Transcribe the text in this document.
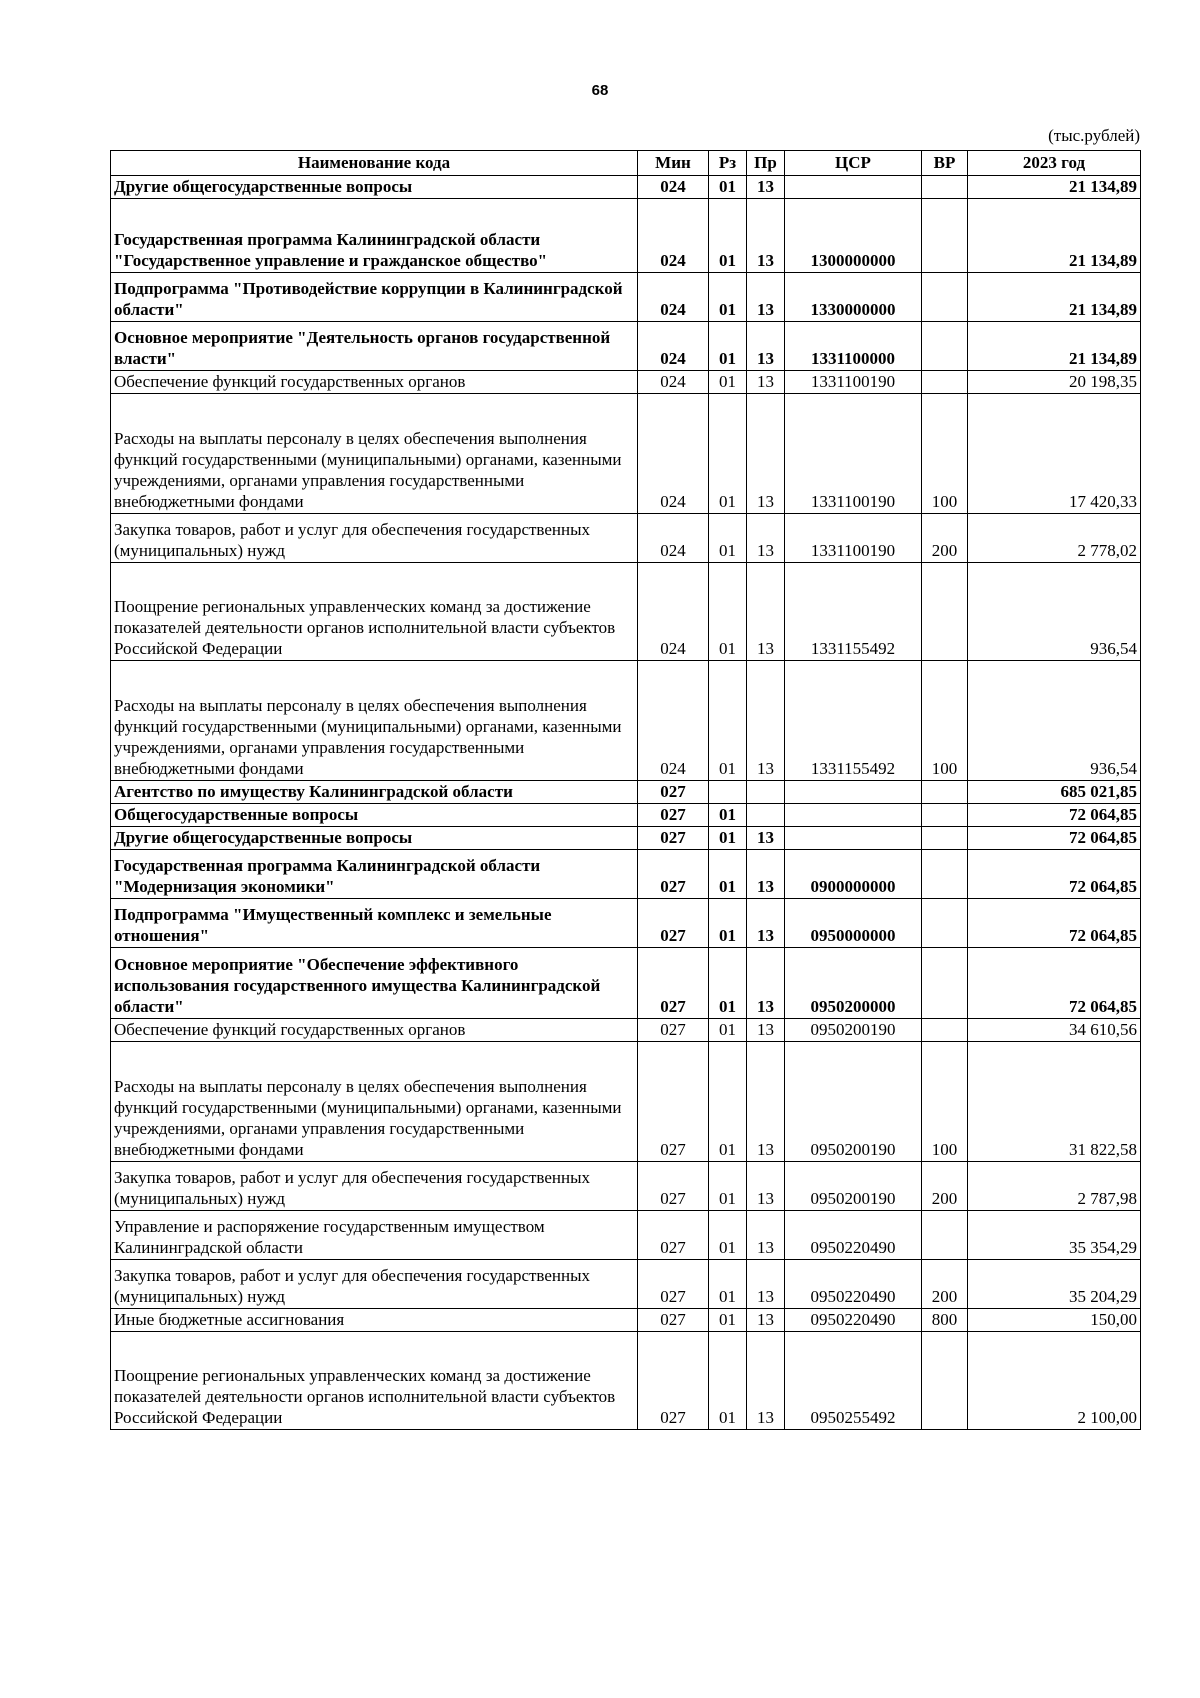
68
(тыс.рублей)
Наименование кода	Мин	Рз	Пр	ЦСР	ВР	2023 год
Другие общегосударственные вопросы	024	01	13			21 134,89
Государственная программа Калининградской области "Государственное управление и гражданское общество"	024	01	13	1300000000		21 134,89
Подпрограмма "Противодействие коррупции в Калининградской области"	024	01	13	1330000000		21 134,89
Основное мероприятие "Деятельность органов государственной власти"	024	01	13	1331100000		21 134,89
Обеспечение функций государственных органов	024	01	13	1331100190		20 198,35
Расходы на выплаты персоналу в целях обеспечения выполнения функций государственными (муниципальными) органами, казенными учреждениями, органами управления государственными внебюджетными фондами	024	01	13	1331100190	100	17 420,33
Закупка товаров, работ и услуг для обеспечения государственных (муниципальных) нужд	024	01	13	1331100190	200	2 778,02
Поощрение региональных управленческих команд за достижение показателей деятельности органов исполнительной власти субъектов Российской Федерации	024	01	13	1331155492		936,54
Расходы на выплаты персоналу в целях обеспечения выполнения функций государственными (муниципальными) органами, казенными учреждениями, органами управления государственными внебюджетными фондами	024	01	13	1331155492	100	936,54
Агентство по имуществу Калининградской области	027					685 021,85
Общегосударственные вопросы	027	01				72 064,85
Другие общегосударственные вопросы	027	01	13			72 064,85
Государственная программа Калининградской области "Модернизация экономики"	027	01	13	0900000000		72 064,85
Подпрограмма "Имущественный комплекс и земельные отношения"	027	01	13	0950000000		72 064,85
Основное мероприятие "Обеспечение эффективного использования государственного имущества Калининградской области"	027	01	13	0950200000		72 064,85
Обеспечение функций государственных органов	027	01	13	0950200190		34 610,56
Расходы на выплаты персоналу в целях обеспечения выполнения функций государственными (муниципальными) органами, казенными учреждениями, органами управления государственными внебюджетными фондами	027	01	13	0950200190	100	31 822,58
Закупка товаров, работ и услуг для обеспечения государственных (муниципальных) нужд	027	01	13	0950200190	200	2 787,98
Управление и распоряжение государственным имуществом Калининградской области	027	01	13	0950220490		35 354,29
Закупка товаров, работ и услуг для обеспечения государственных (муниципальных) нужд	027	01	13	0950220490	200	35 204,29
Иные бюджетные ассигнования	027	01	13	0950220490	800	150,00
Поощрение региональных управленческих команд за достижение показателей деятельности органов исполнительной власти субъектов Российской Федерации	027	01	13	0950255492		2 100,00
